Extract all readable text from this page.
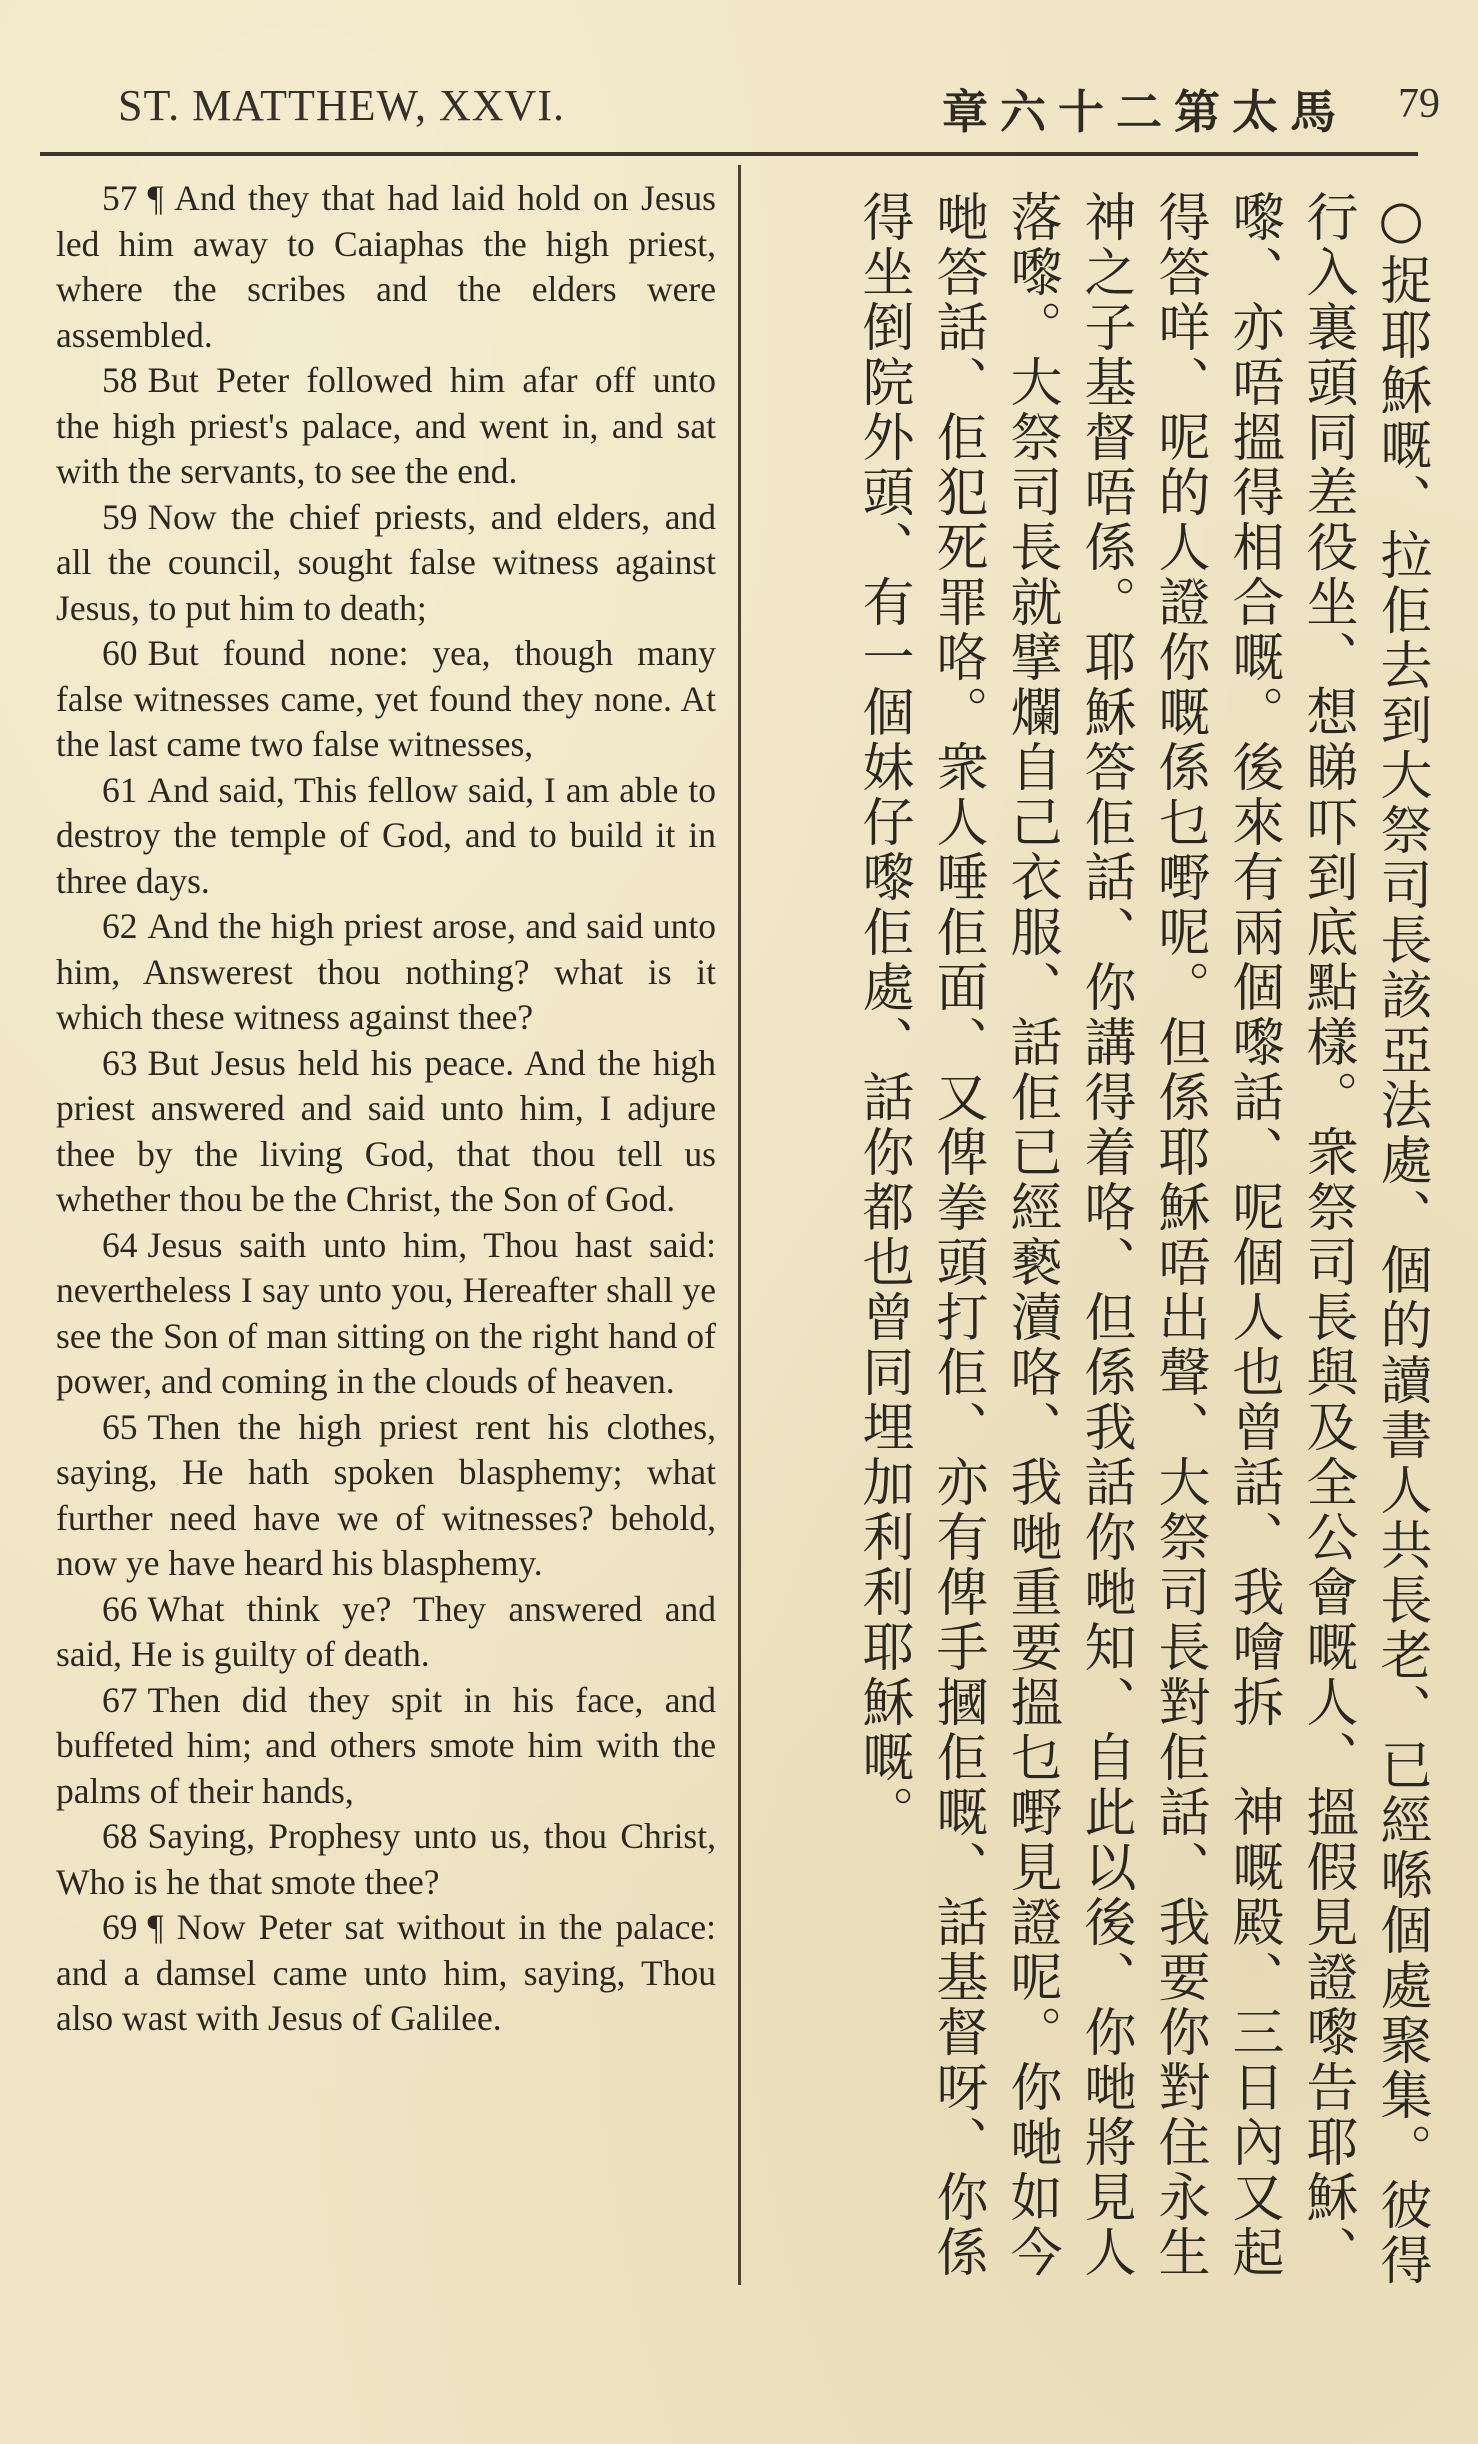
ST. MATTHEW, XXVI.	章六十二第太馬 79

57 ¶ And they that had laid hold on Jesus led him away to Caiaphas the high priest, where the scribes and the elders were assembled.

58 But Peter followed him afar off unto the high priest's palace, and went in, and sat with the servants, to see the end.

59 Now the chief priests, and elders, and all the council, sought false witness against Jesus, to put him to death;

60 But found none: yea, though many false witnesses came, yet found they none. At the last came two false witnesses,

61 And said, This fellow said, I am able to destroy the temple of God, and to build it in three days.

62 And the high priest arose, and said unto him, Answerest thou nothing? what is it which these witness against thee?

63 But Jesus held his peace. And the high priest answered and said unto him, I adjure thee by the living God, that thou tell us whether thou be the Christ, the Son of God.

64 Jesus saith unto him, Thou hast said: nevertheless I say unto you, Hereafter shall ye see the Son of man sitting on the right hand of power, and coming in the clouds of heaven.

65 Then the high priest rent his clothes, saying, He hath spoken blasphemy; what further need have we of witnesses? behold, now ye have heard his blasphemy.

66 What think ye? They answered and said, He is guilty of death.

67 Then did they spit in his face, and buffeted him; and others smote him with the palms of their hands,

68 Saying, Prophesy unto us, thou Christ, Who is he that smote thee?

69 ¶ Now Peter sat without in the palace: and a damsel came unto him, saying, Thou also wast with Jesus of Galilee.

○捉耶穌嘅、拉佢去到大祭司長該亞法處、個的讀書人共長老、已經喺個處聚集。彼得
行入裏頭同差役坐、想睇吓到底點樣。衆祭司長與及全公會嘅人、搵假見證嚟告耶穌、
嚟、亦唔搵得相合嘅。後來有兩個嚟話、呢個人也曾話、我噲拆　神嘅殿、三日內又起
得答咩、呢的人證你嘅係乜嘢呢。但係耶穌唔出聲、大祭司長對佢話、我要你對住永生　
神之子基督唔係。耶穌答佢話、你講得着咯、但係我話你哋知、自此以後、你哋將見人
落嚟。大祭司長就擘爛自己衣服、話佢已經褻瀆咯、我哋重要搵乜嘢見證呢。你哋如今
哋答話、佢犯死罪咯。衆人唾佢面、又俾拳頭打佢、亦有俾手摑佢嘅、話基督呀、你係
得坐倒院外頭、有一個妹仔嚟佢處、話你都也曾同埋加利利耶穌嘅。
